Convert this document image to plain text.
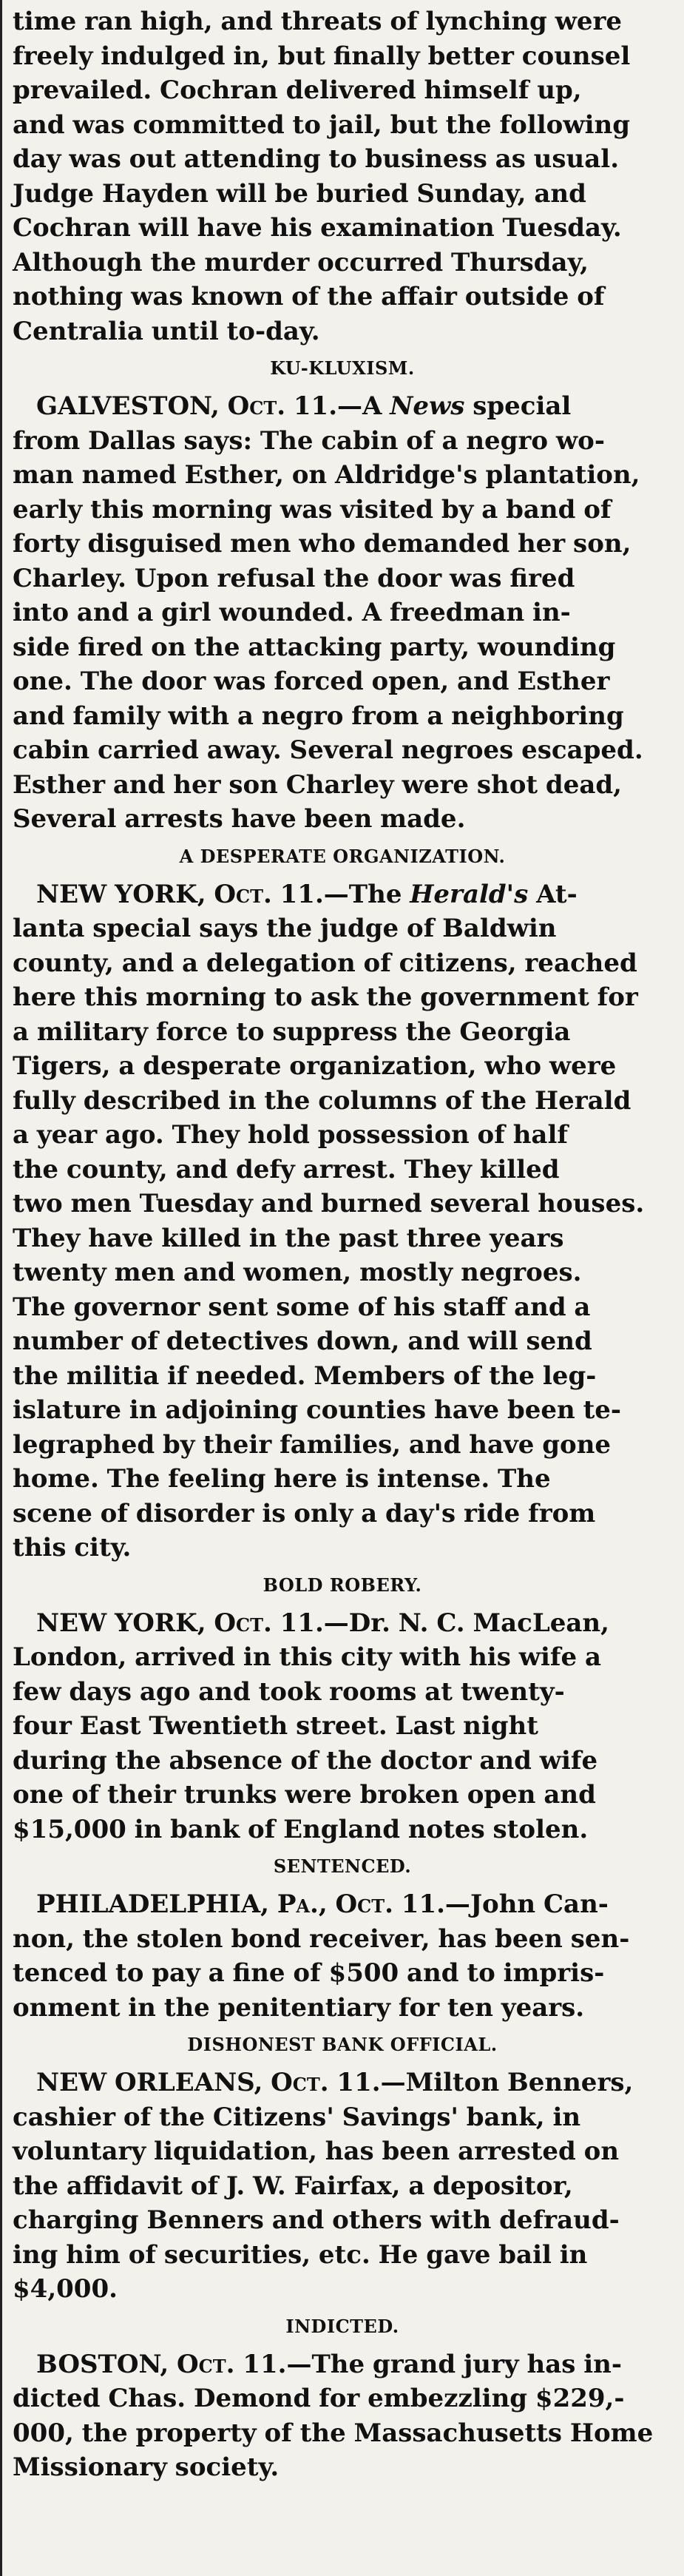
time ran high, and threats of lynching were
freely indulged in, but finally better counsel
prevailed. Cochran delivered himself up,
and was committed to jail, but the following
day was out attending to business as usual.
Judge Hayden will be buried Sunday, and
Cochran will have his examination Tuesday.
Although the murder occurred Thursday,
nothing was known of the affair outside of
Centralia until to-day.

KU-KLUXISM.

GALVESTON, Oct. 11.—A News special
from Dallas says: The cabin of a negro wo-
man named Esther, on Aldridge's plantation,
early this morning was visited by a band of
forty disguised men who demanded her son,
Charley. Upon refusal the door was fired
into and a girl wounded. A freedman in-
side fired on the attacking party, wounding
one. The door was forced open, and Esther
and family with a negro from a neighboring
cabin carried away. Several negroes escaped.
Esther and her son Charley were shot dead,
Several arrests have been made.

A DESPERATE ORGANIZATION.

NEW YORK, Oct. 11.—The Herald's At-
lanta special says the judge of Baldwin
county, and a delegation of citizens, reached
here this morning to ask the government for
a military force to suppress the Georgia
Tigers, a desperate organization, who were
fully described in the columns of the Herald
a year ago. They hold possession of half
the county, and defy arrest. They killed
two men Tuesday and burned several houses.
They have killed in the past three years
twenty men and women, mostly negroes.
The governor sent some of his staff and a
number of detectives down, and will send
the militia if needed. Members of the leg-
islature in adjoining counties have been te-
legraphed by their families, and have gone
home. The feeling here is intense. The
scene of disorder is only a day's ride from
this city.

BOLD ROBERY.

NEW YORK, Oct. 11.—Dr. N. C. MacLean,
London, arrived in this city with his wife a
few days ago and took rooms at twenty-
four East Twentieth street. Last night
during the absence of the doctor and wife
one of their trunks were broken open and
$15,000 in bank of England notes stolen.

SENTENCED.

PHILADELPHIA, Pa., Oct. 11.—John Can-
non, the stolen bond receiver, has been sen-
tenced to pay a fine of $500 and to impris-
onment in the penitentiary for ten years.

DISHONEST BANK OFFICIAL.

NEW ORLEANS, Oct. 11.—Milton Benners,
cashier of the Citizens' Savings' bank, in
voluntary liquidation, has been arrested on
the affidavit of J. W. Fairfax, a depositor,
charging Benners and others with defraud-
ing him of securities, etc. He gave bail in
$4,000.

INDICTED.

BOSTON, Oct. 11.—The grand jury has in-
dicted Chas. Demond for embezzling $229,-
000, the property of the Massachusetts Home
Missionary society.
